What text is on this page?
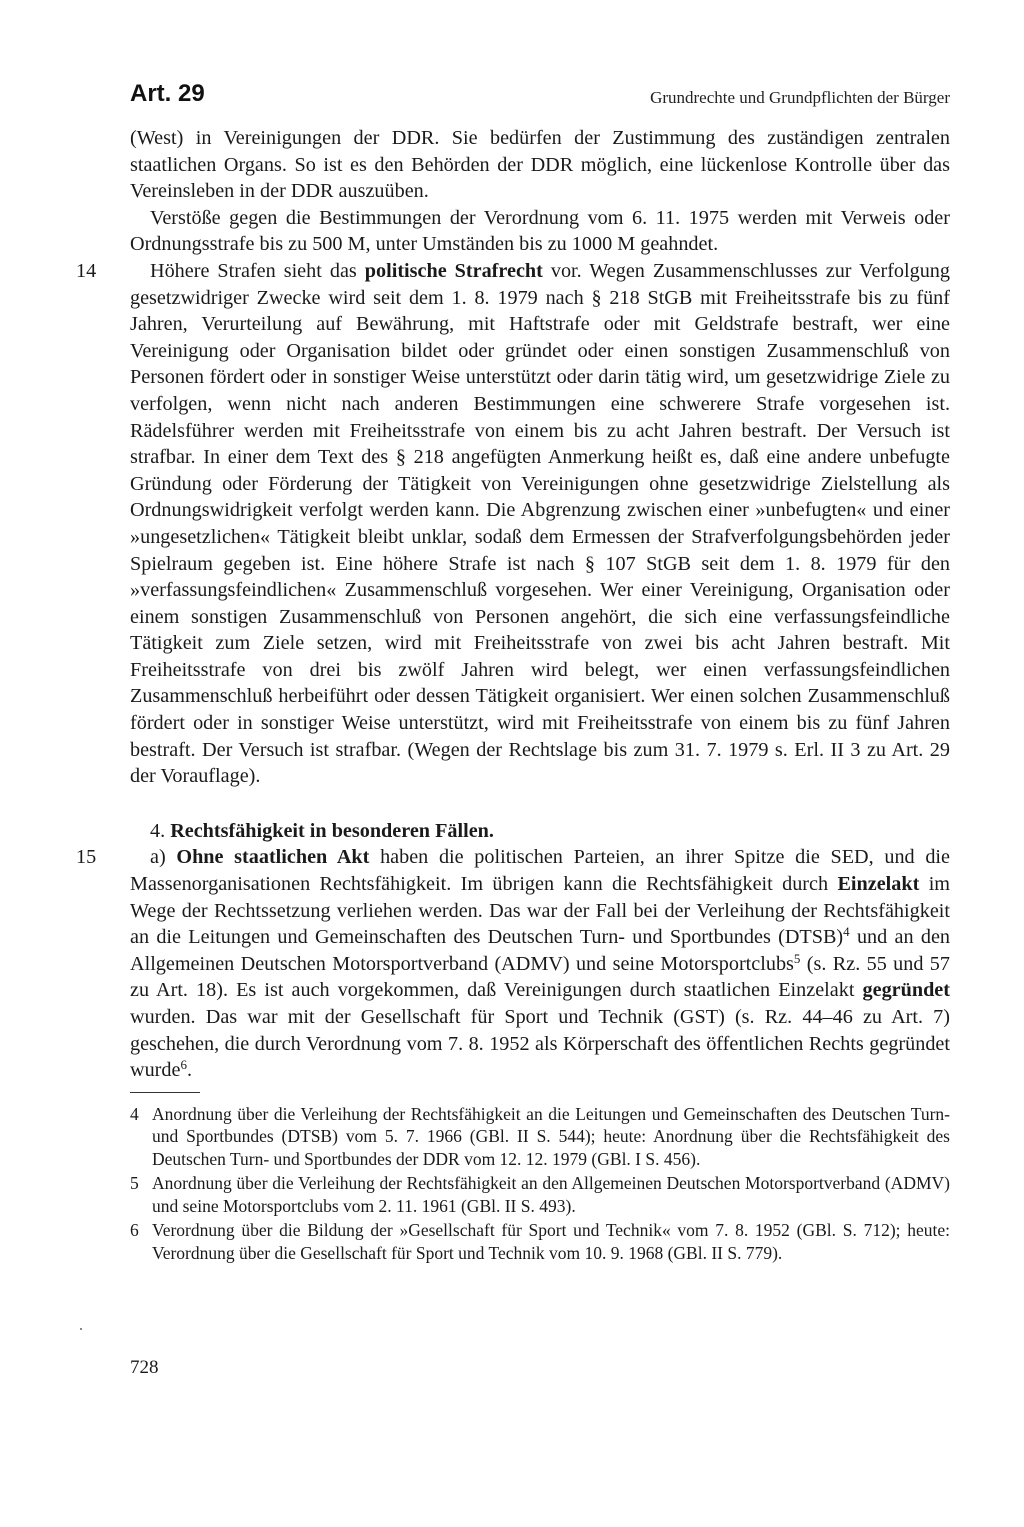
Art. 29	Grundrechte und Grundpflichten der Bürger

(West) in Vereinigungen der DDR. Sie bedürfen der Zustimmung des zuständigen zentralen staatlichen Organs. So ist es den Behörden der DDR möglich, eine lückenlose Kontrolle über das Vereinsleben in der DDR auszuüben.

Verstöße gegen die Bestimmungen der Verordnung vom 6. 11. 1975 werden mit Verweis oder Ordnungsstrafe bis zu 500 M, unter Umständen bis zu 1000 M geahndet.

14	Höhere Strafen sieht das politische Strafrecht vor. Wegen Zusammenschlusses zur Verfolgung gesetzwidriger Zwecke wird seit dem 1. 8. 1979 nach § 218 StGB mit Freiheitsstrafe bis zu fünf Jahren, Verurteilung auf Bewährung, mit Haftstrafe oder mit Geldstrafe bestraft, wer eine Vereinigung oder Organisation bildet oder gründet oder einen sonstigen Zusammenschluß von Personen fördert oder in sonstiger Weise unterstützt oder darin tätig wird, um gesetzwidrige Ziele zu verfolgen, wenn nicht nach anderen Bestimmungen eine schwerere Strafe vorgesehen ist. Rädelsführer werden mit Freiheitsstrafe von einem bis zu acht Jahren bestraft. Der Versuch ist strafbar. In einer dem Text des § 218 angefügten Anmerkung heißt es, daß eine andere unbefugte Gründung oder Förderung der Tätigkeit von Vereinigungen ohne gesetzwidrige Zielstellung als Ordnungswidrigkeit verfolgt werden kann. Die Abgrenzung zwischen einer »unbefugten« und einer »ungesetzlichen« Tätigkeit bleibt unklar, sodaß dem Ermessen der Strafverfolgungsbehörden jeder Spielraum gegeben ist. Eine höhere Strafe ist nach § 107 StGB seit dem 1. 8. 1979 für den »verfassungsfeindlichen« Zusammenschluß vorgesehen. Wer einer Vereinigung, Organisation oder einem sonstigen Zusammenschluß von Personen angehört, die sich eine verfassungsfeindliche Tätigkeit zum Ziele setzen, wird mit Freiheitsstrafe von zwei bis acht Jahren bestraft. Mit Freiheitsstrafe von drei bis zwölf Jahren wird belegt, wer einen verfassungsfeindlichen Zusammenschluß herbeiführt oder dessen Tätigkeit organisiert. Wer einen solchen Zusammenschluß fördert oder in sonstiger Weise unterstützt, wird mit Freiheitsstrafe von einem bis zu fünf Jahren bestraft. Der Versuch ist strafbar. (Wegen der Rechtslage bis zum 31. 7. 1979 s. Erl. II 3 zu Art. 29 der Vorauflage).

4. Rechtsfähigkeit in besonderen Fällen.

15	a) Ohne staatlichen Akt haben die politischen Parteien, an ihrer Spitze die SED, und die Massenorganisationen Rechtsfähigkeit. Im übrigen kann die Rechtsfähigkeit durch Einzelakt im Wege der Rechtssetzung verliehen werden. Das war der Fall bei der Verleihung der Rechtsfähigkeit an die Leitungen und Gemeinschaften des Deutschen Turn- und Sportbundes (DTSB)$^4$ und an den Allgemeinen Deutschen Motorsportverband (ADMV) und seine Motorsportclubs$^5$ (s. Rz. 55 und 57 zu Art. 18). Es ist auch vorgekommen, daß Vereinigungen durch staatlichen Einzelakt gegründet wurden. Das war mit der Gesellschaft für Sport und Technik (GST) (s. Rz. 44–46 zu Art. 7) geschehen, die durch Verordnung vom 7. 8. 1952 als Körperschaft des öffentlichen Rechts gegründet wurde$^6$.

4 Anordnung über die Verleihung der Rechtsfähigkeit an die Leitungen und Gemeinschaften des Deutschen Turn- und Sportbundes (DTSB) vom 5. 7. 1966 (GBl. II S. 544); heute: Anordnung über die Rechtsfähigkeit des Deutschen Turn- und Sportbundes der DDR vom 12. 12. 1979 (GBl. I S. 456).
5 Anordnung über die Verleihung der Rechtsfähigkeit an den Allgemeinen Deutschen Motorsportverband (ADMV) und seine Motorsportclubs vom 2. 11. 1961 (GBl. II S. 493).
6 Verordnung über die Bildung der »Gesellschaft für Sport und Technik« vom 7. 8. 1952 (GBl. S. 712); heute: Verordnung über die Gesellschaft für Sport und Technik vom 10. 9. 1968 (GBl. II S. 779).
728
